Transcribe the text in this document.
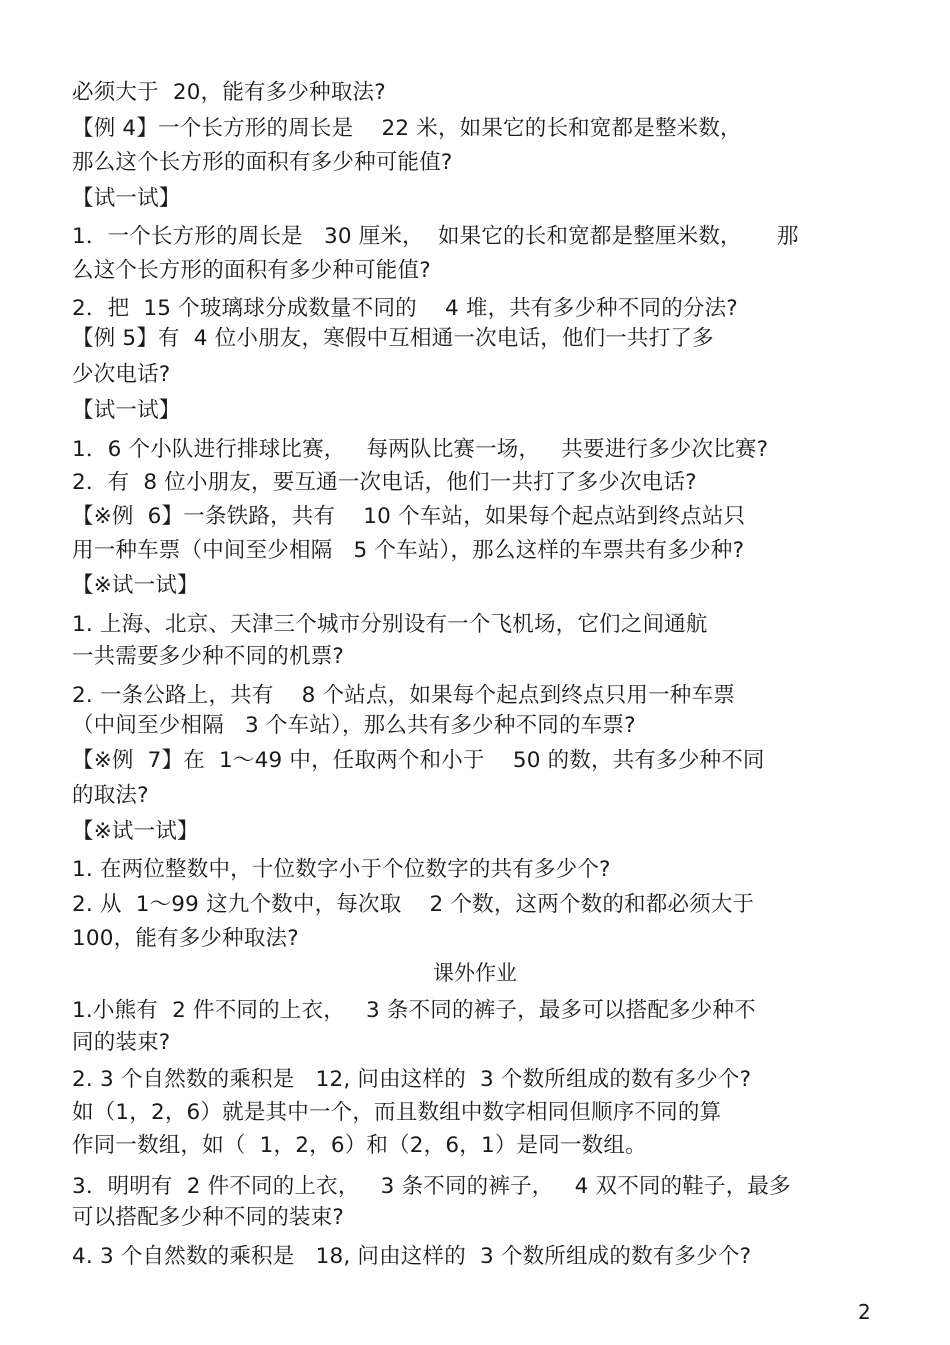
必须大于  20，能有多少种取法?
【例 4】一个长方形的周长是    22 米，如果它的长和宽都是整米数，
那么这个长方形的面积有多少种可能值?
【试一试】
1．一个长方形的周长是   30 厘米，  如果它的长和宽都是整厘米数，     那
么这个长方形的面积有多少种可能值?
2．把  15 个玻璃球分成数量不同的    4 堆，共有多少种不同的分法?
【例 5】有  4 位小朋友，寒假中互相通一次电话，他们一共打了多
少次电话?
【试一试】
1．6 个小队进行排球比赛，   每两队比赛一场，   共要进行多少次比赛?
2．有  8 位小朋友，要互通一次电话，他们一共打了多少次电话?
【※例  6】一条铁路，共有    10 个车站，如果每个起点站到终点站只
用一种车票（中间至少相隔   5 个车站），那么这样的车票共有多少种?
【※试一试】
1. 上海、北京、天津三个城市分别设有一个飞机场，它们之间通航
一共需要多少种不同的机票?
2. 一条公路上，共有    8 个站点，如果每个起点到终点只用一种车票
（中间至少相隔   3 个车站），那么共有多少种不同的车票?
【※例  7】在  1～49 中，任取两个和小于    50 的数，共有多少种不同
的取法?
【※试一试】
1. 在两位整数中，十位数字小于个位数字的共有多少个?
2. 从  1～99 这九个数中，每次取    2 个数，这两个数的和都必须大于
100，能有多少种取法?
课外作业
1.小熊有  2 件不同的上衣，   3 条不同的裤子，最多可以搭配多少种不
同的装束?
2. 3 个自然数的乘积是   12, 问由这样的  3 个数所组成的数有多少个?
如（1，2，6）就是其中一个，而且数组中数字相同但顺序不同的算
作同一数组，如（  1，2，6）和（2，6，1）是同一数组。
3．明明有  2 件不同的上衣，   3 条不同的裤子，   4 双不同的鞋子，最多
可以搭配多少种不同的装束?
4. 3 个自然数的乘积是   18, 问由这样的  3 个数所组成的数有多少个?
2
